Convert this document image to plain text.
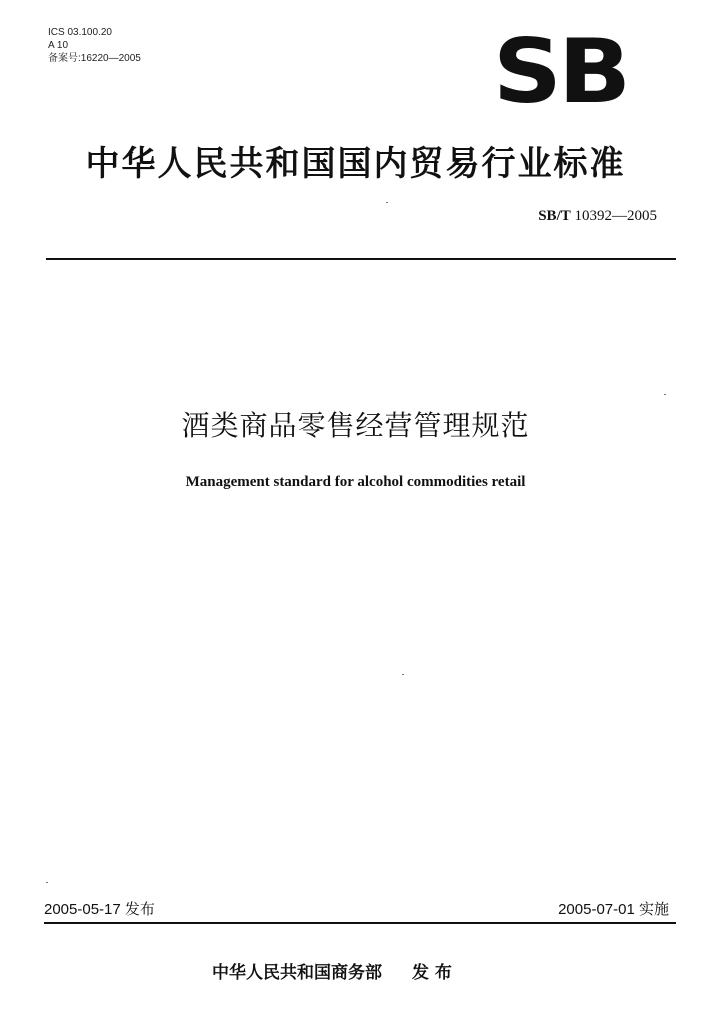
ICS 03.100.20
A 10
备案号:16220—2005	SB
中华人民共和国国内贸易行业标准
SB/T 10392—2005
酒类商品零售经营管理规范
Management standard for alcohol commodities retail
2005-05-17 发布	2005-07-01 实施
中华人民共和国商务部 发 布
